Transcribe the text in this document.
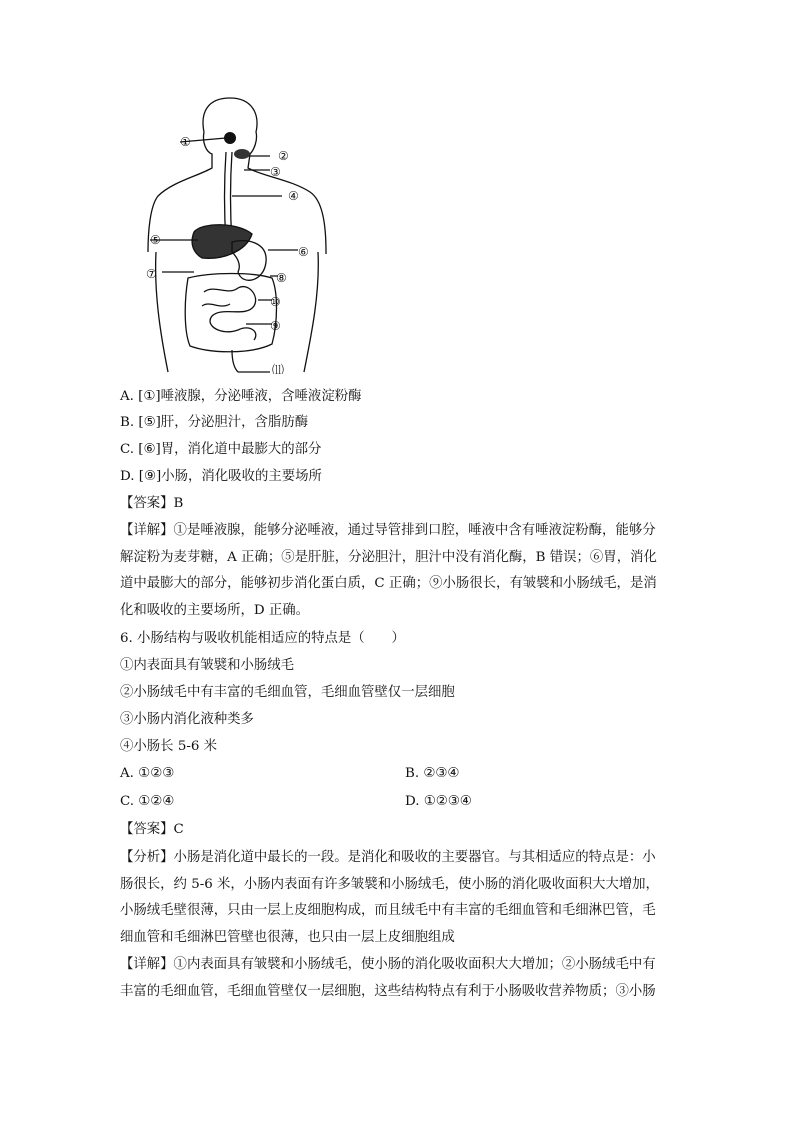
①
②
③
④
⑤
⑥
⑦	⑧
⑩
⑨
⑾
A. [①]唾液腺，分泌唾液，含唾液淀粉酶
B. [⑤]肝，分泌胆汁，含脂肪酶
C. [⑥]胃，消化道中最膨大的部分
D. [⑨]小肠，消化吸收的主要场所
【答案】B
【详解】①是唾液腺，能够分泌唾液，通过导管排到口腔，唾液中含有唾液淀粉酶，能够分
解淀粉为麦芽糖，A 正确；⑤是肝脏，分泌胆汁，胆汁中没有消化酶，B 错误；⑥胃，消化
道中最膨大的部分，能够初步消化蛋白质，C 正确；⑨小肠很长，有皱襞和小肠绒毛，是消
化和吸收的主要场所，D 正确。
6. 小肠结构与吸收机能相适应的特点是（　　）
①内表面具有皱襞和小肠绒毛
②小肠绒毛中有丰富的毛细血管，毛细血管壁仅一层细胞
③小肠内消化液种类多
④小肠长 5-6 米
A. ①②③	B. ②③④
C. ①②④	D. ①②③④
【答案】C
【分析】小肠是消化道中最长的一段。是消化和吸收的主要器官。与其相适应的特点是：小
肠很长，约 5-6 米，小肠内表面有许多皱襞和小肠绒毛，使小肠的消化吸收面积大大增加，
小肠绒毛壁很薄，只由一层上皮细胞构成，而且绒毛中有丰富的毛细血管和毛细淋巴管，毛
细血管和毛细淋巴管壁也很薄，也只由一层上皮细胞组成
【详解】①内表面具有皱襞和小肠绒毛，使小肠的消化吸收面积大大增加；②小肠绒毛中有
丰富的毛细血管，毛细血管壁仅一层细胞，这些结构特点有利于小肠吸收营养物质；③小肠
